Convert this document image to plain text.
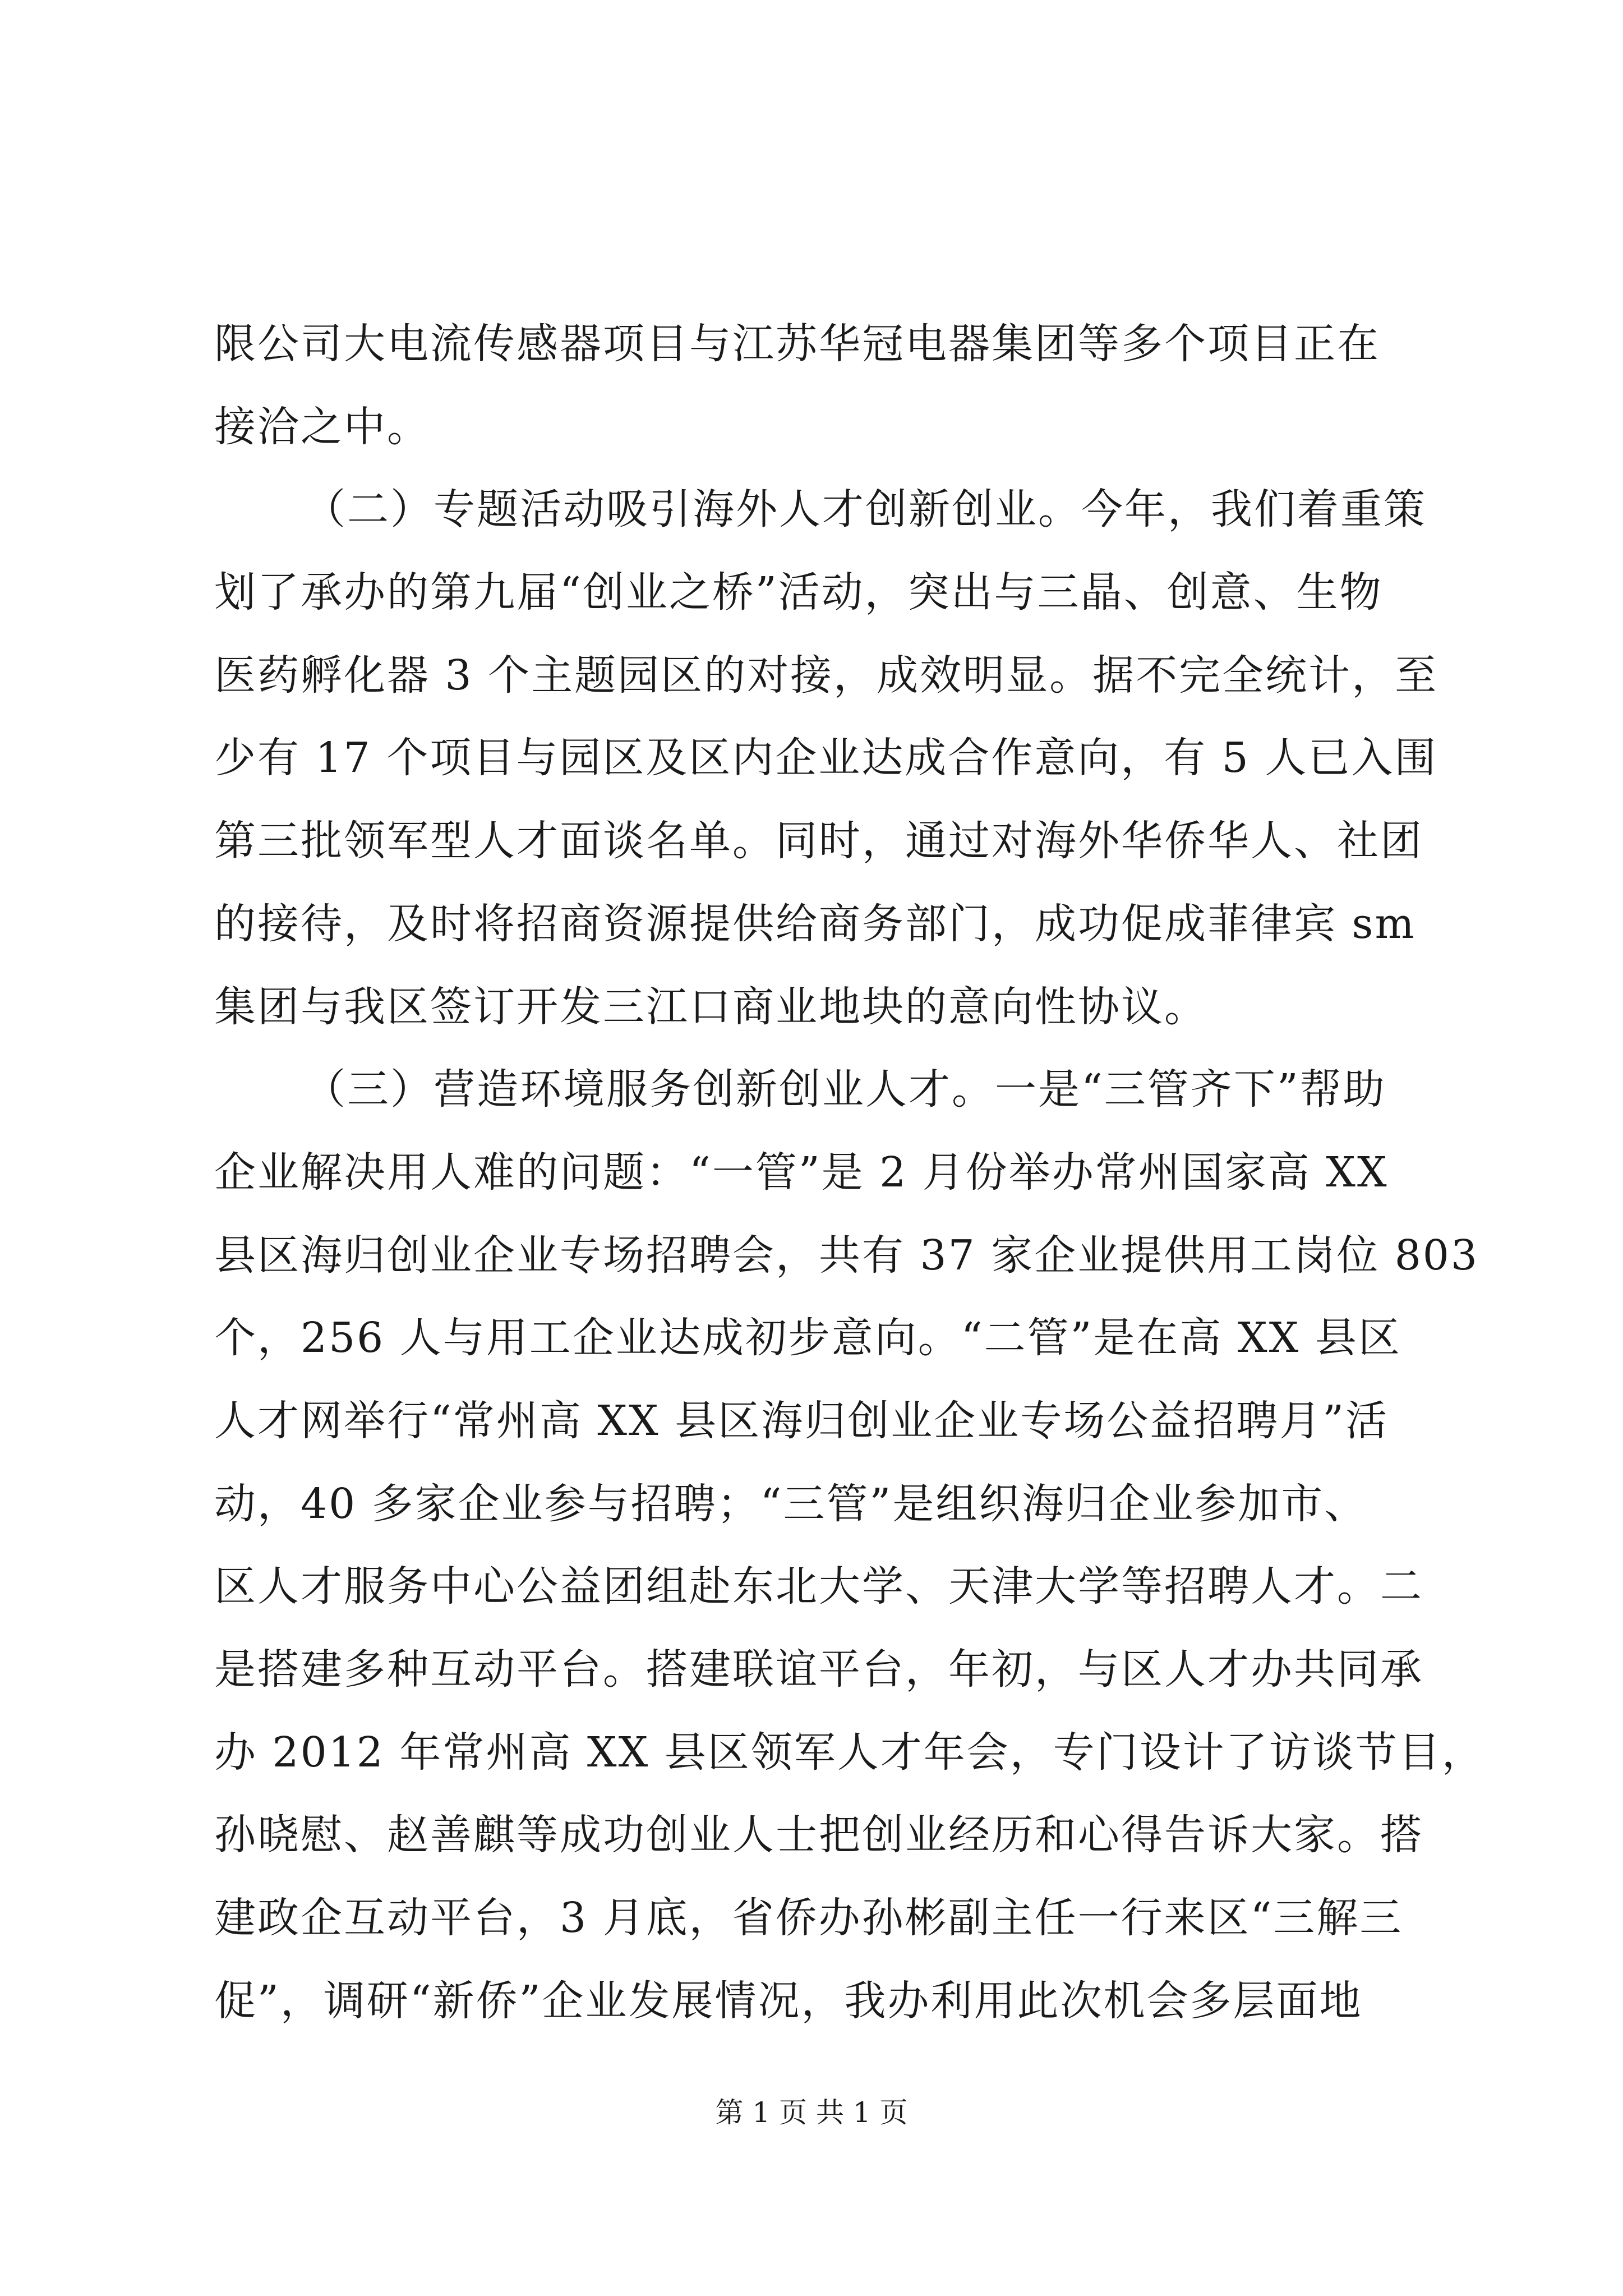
限公司大电流传感器项目与江苏华冠电器集团等多个项目正在
接洽之中。
（二）专题活动吸引海外人才创新创业。今年，我们着重策
划了承办的第九届“创业之桥”活动，突出与三晶、创意、生物
医药孵化器 3 个主题园区的对接，成效明显。据不完全统计，至
少有 17 个项目与园区及区内企业达成合作意向，有 5 人已入围
第三批领军型人才面谈名单。同时，通过对海外华侨华人、社团
的接待，及时将招商资源提供给商务部门，成功促成菲律宾 sm
集团与我区签订开发三江口商业地块的意向性协议。
（三）营造环境服务创新创业人才。一是“三管齐下”帮助
企业解决用人难的问题：“一管”是 2 月份举办常州国家高 XX
县区海归创业企业专场招聘会，共有 37 家企业提供用工岗位 803
个，256 人与用工企业达成初步意向。“二管”是在高 XX 县区
人才网举行“常州高 XX 县区海归创业企业专场公益招聘月”活
动，40 多家企业参与招聘；“三管”是组织海归企业参加市、
区人才服务中心公益团组赴东北大学、天津大学等招聘人才。二
是搭建多种互动平台。搭建联谊平台，年初，与区人才办共同承
办 2012 年常州高 XX 县区领军人才年会，专门设计了访谈节目，
孙晓慰、赵善麒等成功创业人士把创业经历和心得告诉大家。搭
建政企互动平台，3 月底，省侨办孙彬副主任一行来区“三解三
促”，调研“新侨”企业发展情况，我办利用此次机会多层面地
第 1 页 共 1 页
